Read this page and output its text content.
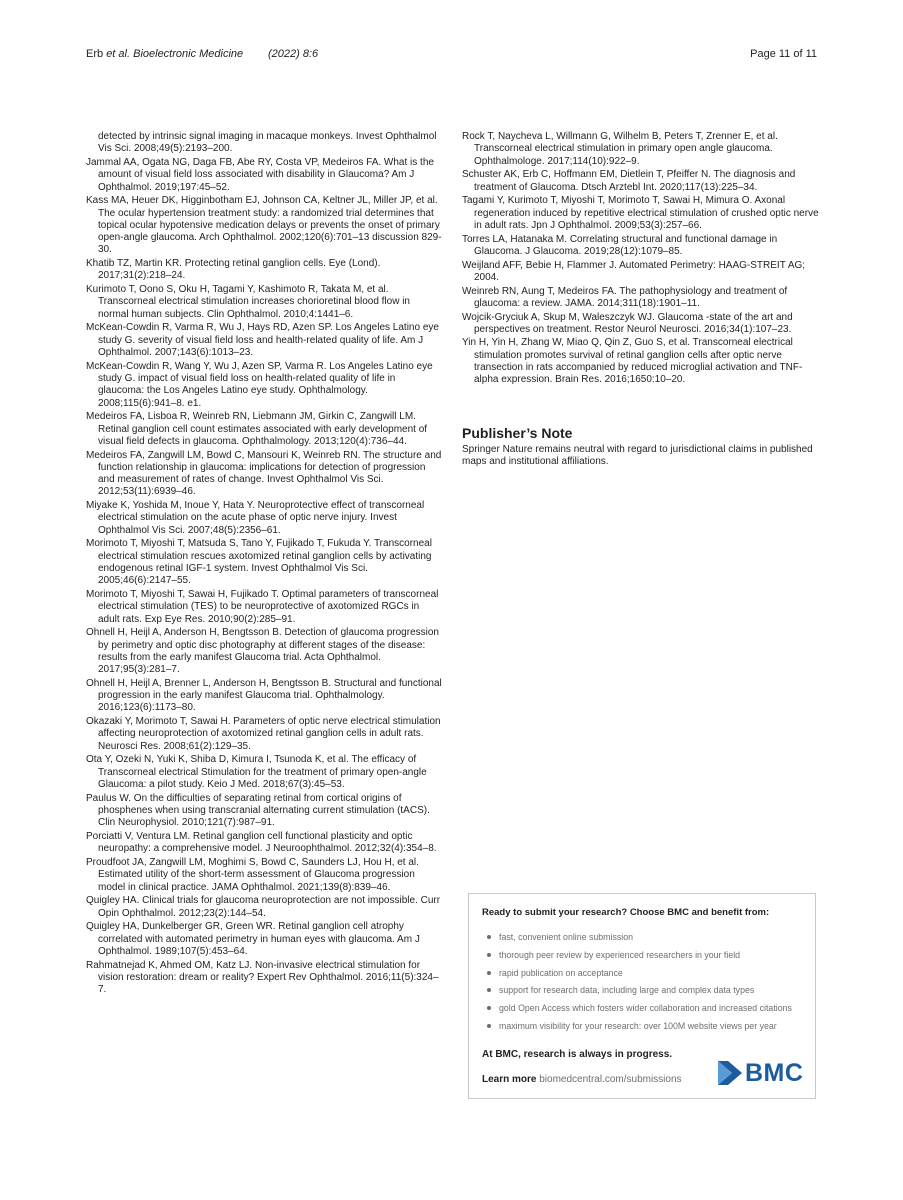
Erb et al. Bioelectronic Medicine (2022) 8:6	Page 11 of 11

detected by intrinsic signal imaging in macaque monkeys. Invest Ophthalmol Vis Sci. 2008;49(5):2193–200.

Jammal AA, Ogata NG, Daga FB, Abe RY, Costa VP, Medeiros FA. What is the amount of visual field loss associated with disability in Glaucoma? Am J Ophthalmol. 2019;197:45–52.

Kass MA, Heuer DK, Higginbotham EJ, Johnson CA, Keltner JL, Miller JP, et al. The ocular hypertension treatment study: a randomized trial determines that topical ocular hypotensive medication delays or prevents the onset of primary open-angle glaucoma. Arch Ophthalmol. 2002;120(6):701–13 discussion 829-30.

Khatib TZ, Martin KR. Protecting retinal ganglion cells. Eye (Lond). 2017;31(2):218–24.

Kurimoto T, Oono S, Oku H, Tagami Y, Kashimoto R, Takata M, et al. Transcorneal electrical stimulation increases chorioretinal blood flow in normal human subjects. Clin Ophthalmol. 2010;4:1441–6.

McKean-Cowdin R, Varma R, Wu J, Hays RD, Azen SP. Los Angeles Latino eye study G. severity of visual field loss and health-related quality of life. Am J Ophthalmol. 2007;143(6):1013–23.

McKean-Cowdin R, Wang Y, Wu J, Azen SP, Varma R. Los Angeles Latino eye study G. impact of visual field loss on health-related quality of life in glaucoma: the Los Angeles Latino eye study. Ophthalmology. 2008;115(6):941–8. e1.

Medeiros FA, Lisboa R, Weinreb RN, Liebmann JM, Girkin C, Zangwill LM. Retinal ganglion cell count estimates associated with early development of visual field defects in glaucoma. Ophthalmology. 2013;120(4):736–44.

Medeiros FA, Zangwill LM, Bowd C, Mansouri K, Weinreb RN. The structure and function relationship in glaucoma: implications for detection of progression and measurement of rates of change. Invest Ophthalmol Vis Sci. 2012;53(11):6939–46.

Miyake K, Yoshida M, Inoue Y, Hata Y. Neuroprotective effect of transcorneal electrical stimulation on the acute phase of optic nerve injury. Invest Ophthalmol Vis Sci. 2007;48(5):2356–61.

Morimoto T, Miyoshi T, Matsuda S, Tano Y, Fujikado T, Fukuda Y. Transcorneal electrical stimulation rescues axotomized retinal ganglion cells by activating endogenous retinal IGF-1 system. Invest Ophthalmol Vis Sci. 2005;46(6):2147–55.

Morimoto T, Miyoshi T, Sawai H, Fujikado T. Optimal parameters of transcorneal electrical stimulation (TES) to be neuroprotective of axotomized RGCs in adult rats. Exp Eye Res. 2010;90(2):285–91.

Ohnell H, Heijl A, Anderson H, Bengtsson B. Detection of glaucoma progression by perimetry and optic disc photography at different stages of the disease: results from the early manifest Glaucoma trial. Acta Ophthalmol. 2017;95(3):281–7.

Ohnell H, Heijl A, Brenner L, Anderson H, Bengtsson B. Structural and functional progression in the early manifest Glaucoma trial. Ophthalmology. 2016;123(6):1173–80.

Okazaki Y, Morimoto T, Sawai H. Parameters of optic nerve electrical stimulation affecting neuroprotection of axotomized retinal ganglion cells in adult rats. Neurosci Res. 2008;61(2):129–35.

Ota Y, Ozeki N, Yuki K, Shiba D, Kimura I, Tsunoda K, et al. The efficacy of Transcorneal electrical Stimulation for the treatment of primary open-angle Glaucoma: a pilot study. Keio J Med. 2018;67(3):45–53.

Paulus W. On the difficulties of separating retinal from cortical origins of phosphenes when using transcranial alternating current stimulation (tACS). Clin Neurophysiol. 2010;121(7):987–91.

Porciatti V, Ventura LM. Retinal ganglion cell functional plasticity and optic neuropathy: a comprehensive model. J Neuroophthalmol. 2012;32(4):354–8.

Proudfoot JA, Zangwill LM, Moghimi S, Bowd C, Saunders LJ, Hou H, et al. Estimated utility of the short-term assessment of Glaucoma progression model in clinical practice. JAMA Ophthalmol. 2021;139(8):839–46.

Quigley HA. Clinical trials for glaucoma neuroprotection are not impossible. Curr Opin Ophthalmol. 2012;23(2):144–54.

Quigley HA, Dunkelberger GR, Green WR. Retinal ganglion cell atrophy correlated with automated perimetry in human eyes with glaucoma. Am J Ophthalmol. 1989;107(5):453–64.

Rahmatnejad K, Ahmed OM, Katz LJ. Non-invasive electrical stimulation for vision restoration: dream or reality? Expert Rev Ophthalmol. 2016;11(5):324–7.

Rock T, Naycheva L, Willmann G, Wilhelm B, Peters T, Zrenner E, et al. Transcorneal electrical stimulation in primary open angle glaucoma. Ophthalmologe. 2017;114(10):922–9.

Schuster AK, Erb C, Hoffmann EM, Dietlein T, Pfeiffer N. The diagnosis and treatment of Glaucoma. Dtsch Arztebl Int. 2020;117(13):225–34.

Tagami Y, Kurimoto T, Miyoshi T, Morimoto T, Sawai H, Mimura O. Axonal regeneration induced by repetitive electrical stimulation of crushed optic nerve in adult rats. Jpn J Ophthalmol. 2009;53(3):257–66.

Torres LA, Hatanaka M. Correlating structural and functional damage in Glaucoma. J Glaucoma. 2019;28(12):1079–85.

Weijland AFF, Bebie H, Flammer J. Automated Perimetry: HAAG-STREIT AG; 2004.

Weinreb RN, Aung T, Medeiros FA. The pathophysiology and treatment of glaucoma: a review. JAMA. 2014;311(18):1901–11.

Wojcik-Gryciuk A, Skup M, Waleszczyk WJ. Glaucoma -state of the art and perspectives on treatment. Restor Neurol Neurosci. 2016;34(1):107–23.

Yin H, Yin H, Zhang W, Miao Q, Qin Z, Guo S, et al. Transcorneal electrical stimulation promotes survival of retinal ganglion cells after optic nerve transection in rats accompanied by reduced microglial activation and TNF-alpha expression. Brain Res. 2016;1650:10–20.

Publisher’s Note

Springer Nature remains neutral with regard to jurisdictional claims in published maps and institutional affiliations.

Ready to submit your research? Choose BMC and benefit from:
fast, convenient online submission
thorough peer review by experienced researchers in your field
rapid publication on acceptance
support for research data, including large and complex data types
gold Open Access which fosters wider collaboration and increased citations
maximum visibility for your research: over 100M website views per year
At BMC, research is always in progress.
Learn more biomedcentral.com/submissions	BMC
